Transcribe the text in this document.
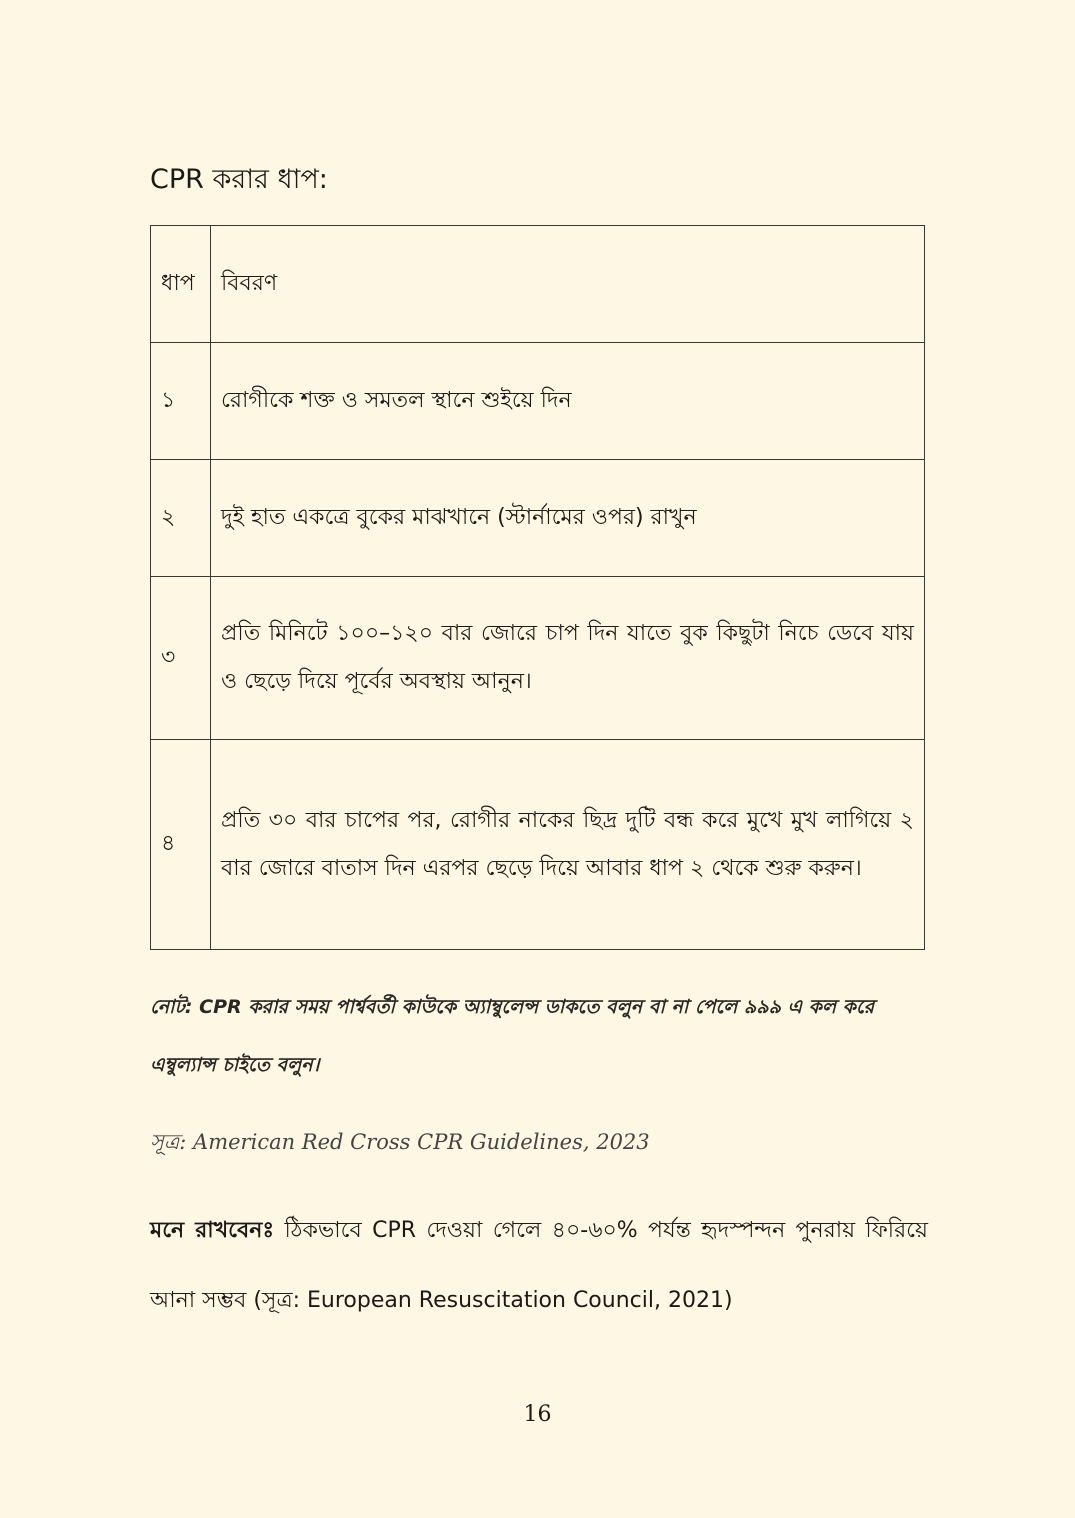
CPR করার ধাপ:
ধাপ	বিবরণ
১	রোগীকে শক্ত ও সমতল স্থানে শুইয়ে দিন
২	দুই হাত একত্রে বুকের মাঝখানে (স্টার্নামের ওপর) রাখুন
৩	প্রতি মিনিটে ১০০–১২০ বার জোরে চাপ দিন যাতে বুক কিছুটা নিচে ডেবে যায় ও ছেড়ে দিয়ে পূর্বের অবস্থায় আনুন।
৪	প্রতি ৩০ বার চাপের পর, রোগীর নাকের ছিদ্র দুটি বন্ধ করে মুখে মুখ লাগিয়ে ২ বার জোরে বাতাস দিন এরপর ছেড়ে দিয়ে আবার ধাপ ২ থেকে শুরু করুন।
নোট: CPR করার সময় পার্শ্ববর্তী কাউকে অ্যাম্বুলেন্স ডাকতে বলুন বা না পেলে ৯৯৯ এ কল করে এম্বুল্যান্স চাইতে বলুন।
সূত্র: American Red Cross CPR Guidelines, 2023
মনে রাখবেনঃ ঠিকভাবে CPR দেওয়া গেলে ৪০-৬০% পর্যন্ত হৃদস্পন্দন পুনরায় ফিরিয়ে আনা সম্ভব (সূত্র: European Resuscitation Council, 2021)
16
